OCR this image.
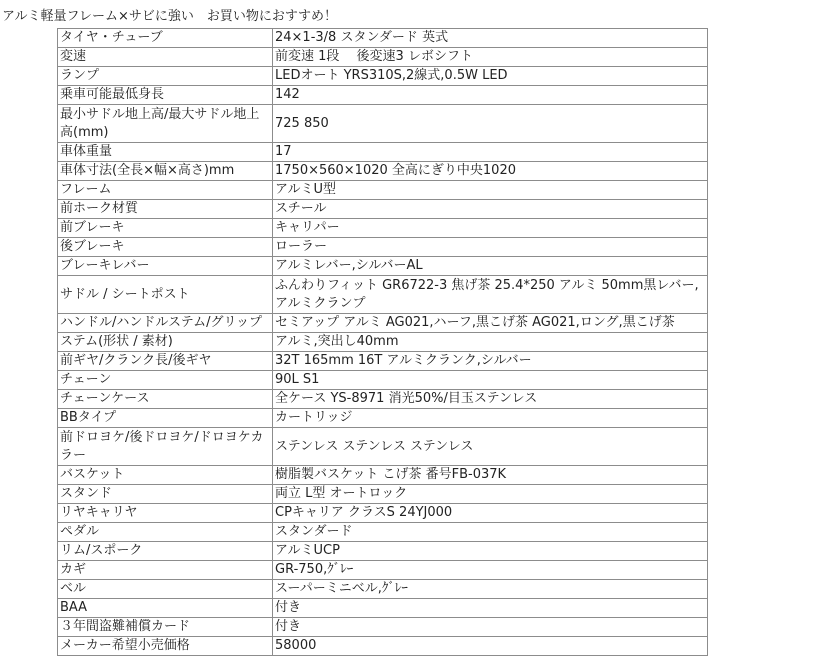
アルミ軽量フレーム×サビに強い　お買い物におすすめ！
タイヤ・チューブ	24×1-3/8 スタンダード 英式
変速	前変速 1段　 後変速3 レボシフト
ランプ	LEDオート YRS310S,2線式,0.5W LED
乗車可能最低身長	142
最小サドル地上高/最大サドル地上高(mm)	725 850
車体重量	17
車体寸法(全長×幅×高さ)mm	1750×560×1020 全高にぎり中央1020
フレーム	アルミU型
前ホーク材質	スチール
前ブレーキ	キャリパー
後ブレーキ	ローラー
ブレーキレバー	アルミレバー,シルバーAL
サドル / シートポスト	ふんわりフィット GR6722-3 焦げ茶 25.4*250 アルミ 50mm黒レバー,アルミクランプ
ハンドル/ハンドルステム/グリップ	セミアップ アルミ AG021,ハーフ,黒こげ茶 AG021,ロング,黒こげ茶
ステム(形状 / 素材)	アルミ,突出し40mm
前ギヤ/クランク長/後ギヤ	32T 165mm 16T アルミクランク,シルバー
チェーン	90L S1
チェーンケース	全ケース YS-8971 消光50%/目玉ステンレス
BBタイプ	カートリッジ
前ドロヨケ/後ドロヨケ/ドロヨケカラー	ステンレス ステンレス ステンレス
バスケット	樹脂製バスケット こげ茶 番号FB-037K
スタンド	両立 L型 オートロック
リヤキャリヤ	CPキャリア クラスS 24YJ000
ペダル	スタンダード
リム/スポーク	アルミUCP
カギ	GR-750,ｸﾞﾚｰ
ベル	スーパーミニベル,ｸﾞﾚｰ
BAA	付き
３年間盗難補償カード	付き
メーカー希望小売価格	58000
